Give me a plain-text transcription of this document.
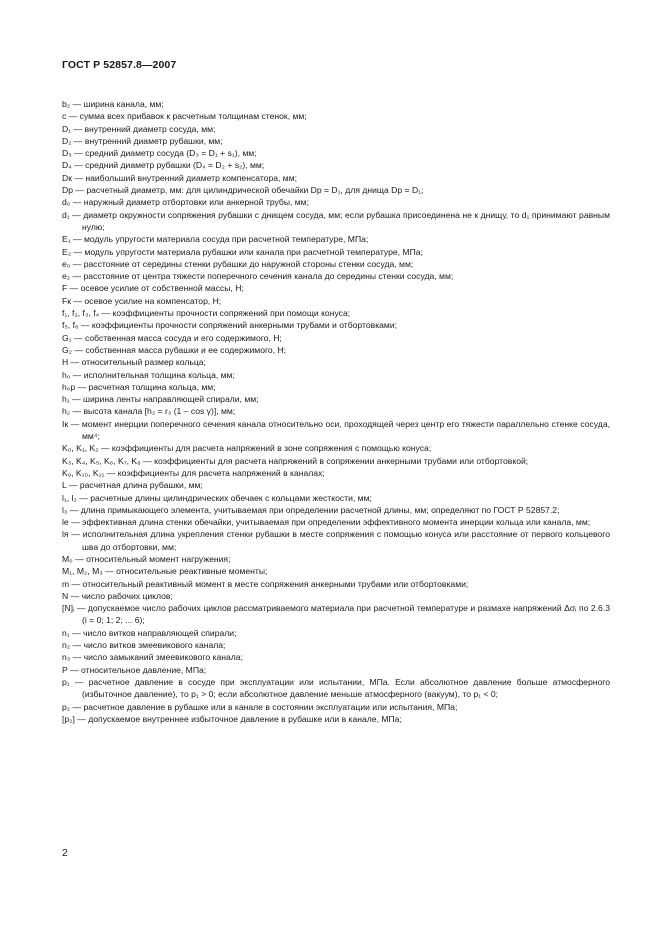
ГОСТ Р 52857.8—2007
b₂ — ширина канала, мм;
с — сумма всех прибавок к расчетным толщинам стенок, мм;
D₁ — внутренний диаметр сосуда, мм;
D₂ — внутренний диаметр рубашки, мм;
D₃ — средний диаметр сосуда (D₃ = D₁ + s₁), мм;
D₄ — средний диаметр рубашки (D₄ = D₂ + s₂), мм;
Dк — наибольший внутренний диаметр компенсатора, мм;
Dр — расчетный диаметр, мм: для цилиндрической обечайки Dр = D₁, для днища Dр = D₁;
d₀ — наружный диаметр отбортовки или анкерной трубы, мм;
d₁ — диаметр окружности сопряжения рубашки с днищем сосуда, мм; если рубашка присоединена не к днищу, то d₁ принимают равным нулю;
E₁ — модуль упругости материала сосуда при расчетной температуре, МПа;
E₂ — модуль упругости материала рубашки или канала при расчетной температуре, МПа;
e₀ — расстояние от середины стенки рубашки до наружной стороны стенки сосуда, мм;
e₂ — расстояние от центра тяжести поперечного сечения канала до середины стенки сосуда, мм;
F — осевое усилие от собственной массы, Н;
Fк — осевое усилие на компенсатор, Н;
f₁, f₂, f₃, f₄ — коэффициенты прочности сопряжений при помощи конуса;
f₅, f₆ — коэффициенты прочности сопряжений анкерными трубами и отбортовками;
G₁ — собственная масса сосуда и его содержимого, Н;
G₂ — собственная масса рубашки и ее содержимого, Н;
H — относительный размер кольца;
h₀ — исполнительная толщина кольца, мм;
h₀р — расчетная толщина кольца, мм;
h₁ — ширина ленты направляющей спирали, мм;
h₂ — высота канала [h₂ = r₃ (1 – cos γ)], мм;
Iк — момент инерции поперечного сечения канала относительно оси, проходящей через центр его тяжести параллельно стенке сосуда, мм⁴;
K₀, K₁, K₂ — коэффициенты для расчета напряжений в зоне сопряжения с помощью конуса;
K₃, K₄, K₅, K₆, K₇, K₈ — коэффициенты для расчета напряжений в сопряжении анкерными трубами или отбортовкой;
K₉, K₁₀, K₁₁ — коэффициенты для расчета напряжений в каналах;
L — расчетная длина рубашки, мм;
l₁, l₂ — расчетные длины цилиндрических обечаек с кольцами жесткости, мм;
l₃ — длина примыкающего элемента, учитываемая при определении расчетной длины, мм; определяют по ГОСТ Р 52857.2;
lе — эффективная длина стенки обечайки, учитываемая при определении эффективного момента инерции кольца или канала, мм;
lя — исполнительная длина укрепления стенки рубашки в месте сопряжения с помощью конуса или расстояние от первого кольцевого шва до отбортовки, мм;
M₀ — относительный момент нагружения;
M₁, M₂, M₃ — относительные реактивные моменты;
m — относительный реактивный момент в месте сопряжения анкерными трубами или отбортовками;
N — число рабочих циклов;
[N]ᵢ — допускаемое число рабочих циклов рассматриваемого материала при расчетной температуре и размахе напряжений Δσᵢ по 2.6.3 (i = 0; 1; 2; ... 6);
n₁ — число витков направляющей спирали;
n₂ — число витков змеевикового канала;
n₃ — число замыканий змеевикового канала;
P — относительное давление, МПа;
p₁ — расчетное давление в сосуде при эксплуатации или испытании, МПа. Если абсолютное давление больше атмосферного (избыточное давление), то p₁ > 0; если абсолютное давление меньше атмосферного (вакуум), то p₁ < 0;
p₂ — расчетное давление в рубашке или в канале в состоянии эксплуатации или испытания, МПа;
[p₂] — допускаемое внутреннее избыточное давление в рубашке или в канале, МПа;
2
